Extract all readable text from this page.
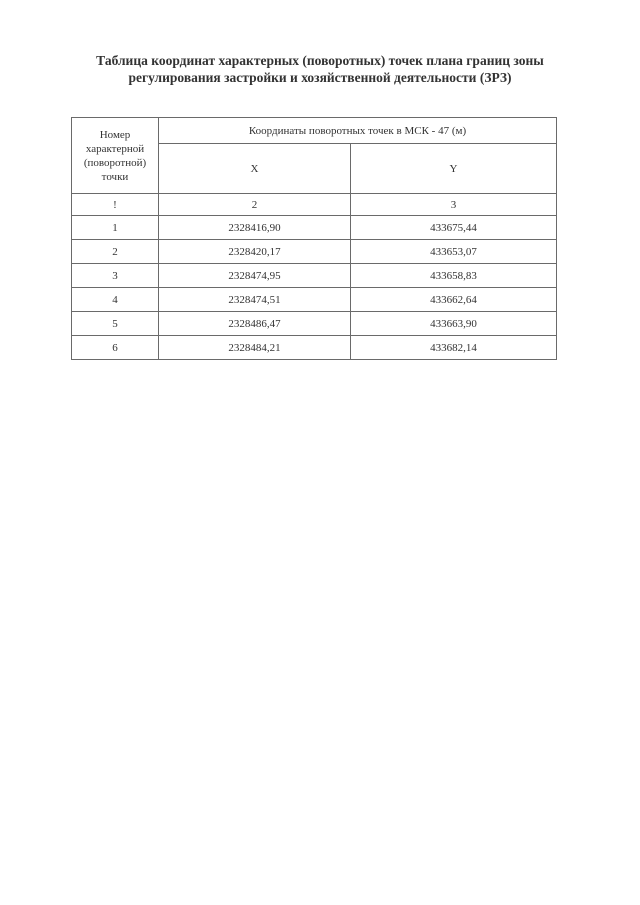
Таблица координат характерных (поворотных) точек плана границ зоны
регулирования застройки и хозяйственной деятельности (ЗРЗ)
Номер
характерной
(поворотной)
точки	Координаты поворотных точек в МСК - 47 (м)	
	X	Y
!	2	3
1	2328416,90	433675,44
2	2328420,17	433653,07
3	2328474,95	433658,83
4	2328474,51	433662,64
5	2328486,47	433663,90
6	2328484,21	433682,14
